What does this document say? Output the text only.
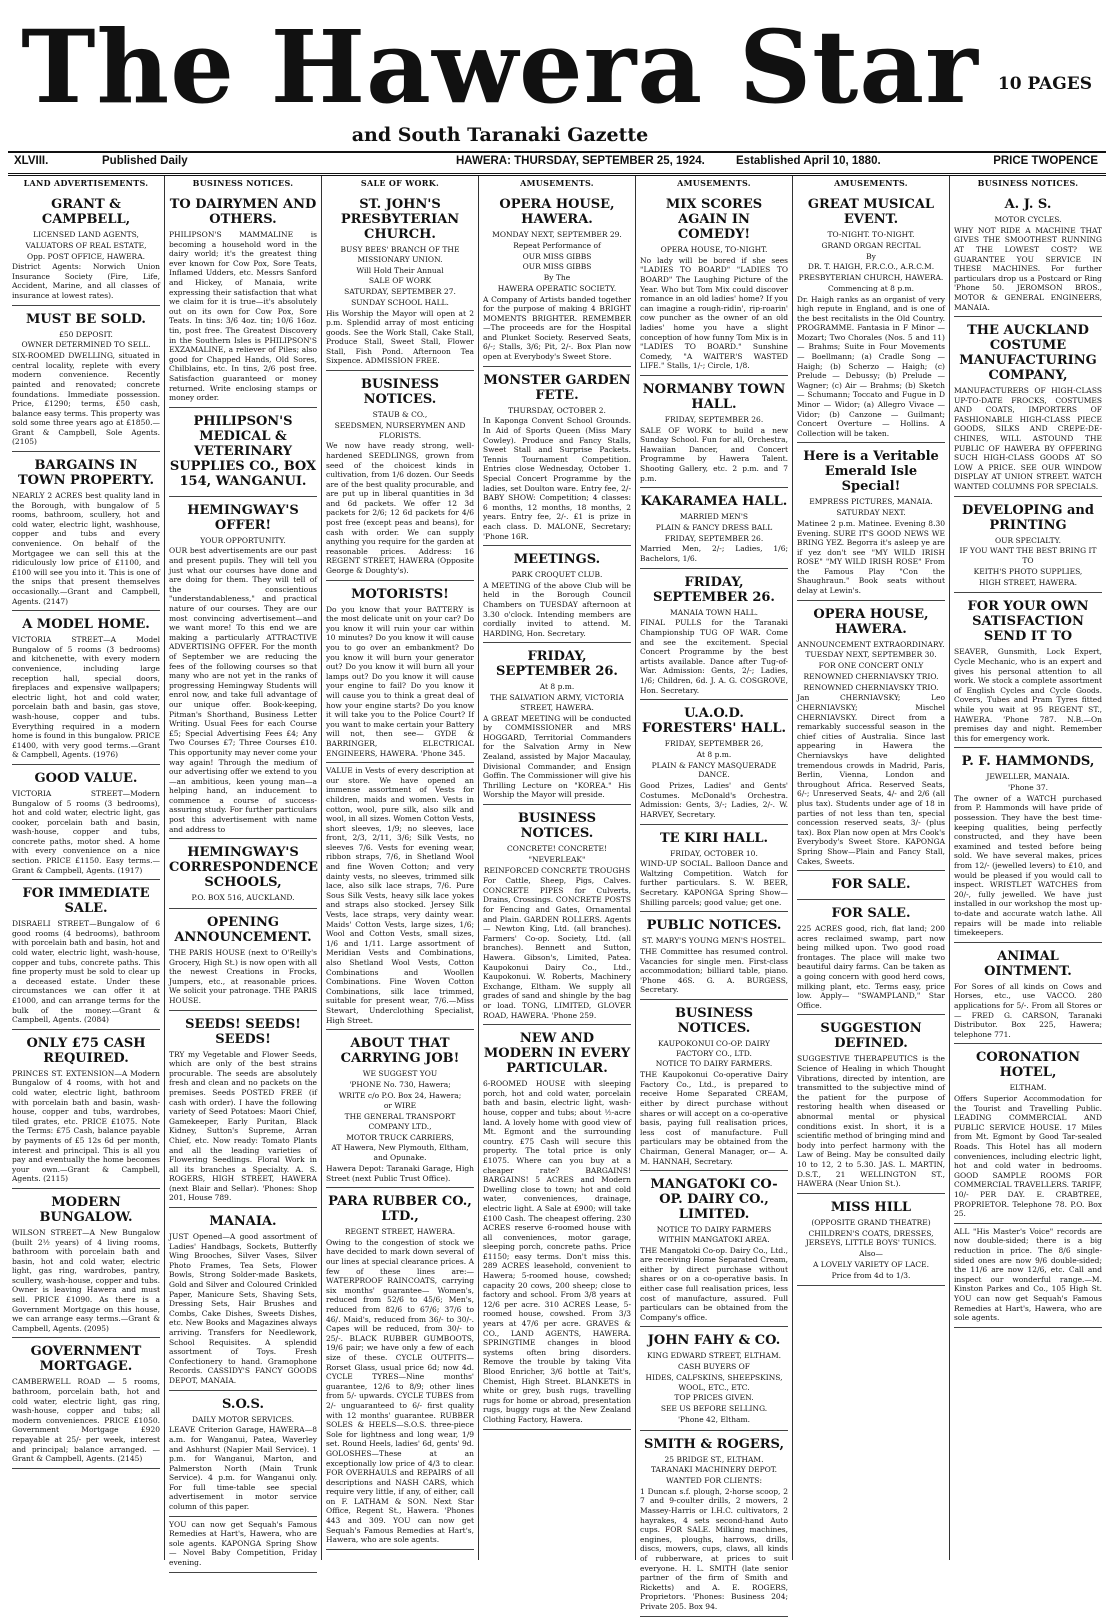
The Hawera Star
and South Taranaki Gazette
10 PAGES
XLVIII.	Published Daily	HAWERA: THURSDAY, SEPTEMBER 25, 1924.	Established April 10, 1880.	PRICE TWOPENCE
LAND ADVERTISEMENTS.
GRANT & CAMPBELL,
LICENSED LAND AGENTS,
VALUATORS OF REAL ESTATE,
Opp. POST OFFICE, HAWERA.

District Agents: Norwich Union Insurance Society (Fire, Life, Accident, Marine, and all classes of insurance at lowest rates).

MUST BE SOLD.
£50 DEPOSIT.
OWNER DETERMINED TO SELL.

SIX-ROOMED DWELLING, situated in central locality, replete with every modern convenience. Recently painted and renovated; concrete foundations. Immediate possession. Price, £1290; terms, £50 cash, balance easy terms. This property was sold some three years ago at £1850.—Grant & Campbell, Sole Agents. (2105)

BARGAINS IN TOWN PROPERTY.

NEARLY 2 ACRES best quality land in the Borough, with bungalow of 5 rooms, bathroom, scullery, hot and cold water, electric light, washhouse, copper and tubs and every convenience. On behalf of the Mortgagee we can sell this at the ridiculously low price of £1100, and £100 will see you into it. This is one of the snips that present themselves occasionally.—Grant and Campbell, Agents. (2147)

A MODEL HOME.

VICTORIA STREET—A Model Bungalow of 5 rooms (3 bedrooms) and kitchenette, with every modern convenience, including large reception hall, special doors, fireplaces and expensive wallpapers; electric light, hot and cold water, porcelain bath and basin, gas stove, wash-house, copper and tubs. Everything required in a modern home is found in this bungalow. PRICE £1400, with very good terms.—Grant & Campbell, Agents. (1976)

GOOD VALUE.

VICTORIA STREET—Modern Bungalow of 5 rooms (3 bedrooms), hot and cold water, electric light, gas cooker, porcelain bath and basin, wash-house, copper and tubs, concrete paths, motor shed. A home with every convenience on a nice section. PRICE £1150. Easy terms.—Grant & Campbell, Agents. (1917)

FOR IMMEDIATE SALE.

DISRAELI STREET—Bungalow of 6 good rooms (4 bedrooms), bathroom with porcelain bath and basin, hot and cold water, electric light, wash-house, copper and tubs, concrete paths. This fine property must be sold to clear up a deceased estate. Under these circumstances we can offer it at £1000, and can arrange terms for the bulk of the money.—Grant & Campbell, Agents. (2084)

ONLY £75 CASH REQUIRED.

PRINCES ST. EXTENSION—A Modern Bungalow of 4 rooms, with hot and cold water, electric light, bathroom with porcelain bath and basin, wash-house, copper and tubs, wardrobes, tiled grates, etc. PRICE £1075. Note the Terms: £75 Cash, balance payable by payments of £5 12s 6d per month, interest and principal. This is all you pay and eventually the home becomes your own.—Grant & Campbell, Agents. (2115)

MODERN BUNGALOW.

WILSON STREET—A New Bungalow (built 2½ years) of 4 living rooms, bathroom with porcelain bath and basin, hot and cold water, electric light, gas ring, wardrobes, pantry, scullery, wash-house, copper and tubs. Owner is leaving Hawera and must sell. PRICE £1090. As there is a Government Mortgage on this house, we can arrange easy terms.—Grant & Campbell, Agents. (2095)

GOVERNMENT MORTGAGE.

CAMBERWELL ROAD — 5 rooms, bathroom, porcelain bath, hot and cold water, electric light, gas ring, wash-house, copper and tubs; all modern conveniences. PRICE £1050. Government Mortgage £920 repayable at 25/- per week, interest and principal; balance arranged. — Grant & Campbell, Agents. (2145)

BUSINESS NOTICES.
TO DAIRYMEN AND OTHERS.

PHILIPSON'S MAMMALINE is becoming a household word in the dairy world; it's the greatest thing ever known for Cow Pox, Sore Teats, Inflamed Udders, etc. Messrs Sanford and Hickey, of Manaia, write expressing their satisfaction that what we claim for it is true—it's absolutely out on its own for Cow Pox, Sore Teats. In tins: 3/6 4oz. tin; 10/6 16oz. tin, post free. The Greatest Discovery in the Southern Isles is PHILIPSON'S EXZAMALINE, a reliever of Piles; also good for Chapped Hands, Old Sores, Chilblains, etc. In tins, 2/6 post free. Satisfaction guaranteed or money returned. Write enclosing stamps or money order.

PHILIPSON'S MEDICAL & VETERINARY SUPPLIES CO., BOX 154, WANGANUI.
HEMINGWAY'S OFFER!
YOUR OPPORTUNITY.

OUR best advertisements are our past and present pupils. They will tell you just what our courses have done and are doing for them. They will tell of the conscientious "understandableness," and practical nature of our courses. They are our most convincing advertisement—and we want more! To this end we are making a particularly ATTRACTIVE ADVERTISING OFFER. For the month of September we are reducing the fees of the following courses so that many who are not yet in the ranks of progressing Hemingway Students will enrol now, and take full advantage of our unique offer. Book-keeping, Pitman's Shorthand, Business Letter Writing. Usual Fees for each Course £5; Special Advertising Fees £4; Any Two Courses £7; Three Courses £10. This opportunity may never come your way again! Through the medium of our advertising offer we extend to you—an ambitious, keen young man—a helping hand, an inducement to commence a course of success-assuring study. For further particulars post this advertisement with name and address to

HEMINGWAY'S CORRESPONDENCE SCHOOLS,
P.O. BOX 516, AUCKLAND.
OPENING ANNOUNCEMENT.

THE PARIS HOUSE (next to O'Reilly's Grocery, High St.) is now open with all the newest Creations in Frocks, Jumpers, etc., at reasonable prices. We solicit your patronage. THE PARIS HOUSE.

SEEDS! SEEDS! SEEDS!

TRY my Vegetable and Flower Seeds, which are only of the best strains procurable. The seeds are absolutely fresh and clean and no packets on the premises. Seeds POSTED FREE (if cash with order). I have the following variety of Seed Potatoes: Maori Chief, Gamekeeper, Early Puritan, Black Kidney, Sutton's Supreme, Arran Chief, etc. Now ready: Tomato Plants and all the leading varieties of Flowering Seedlings. Floral Work in all its branches a Specialty. A. S. ROGERS, HIGH STREET, HAWERA (next Blair and Sellar). 'Phones: Shop 201, House 789.

MANAIA.

JUST Opened—A good assortment of Ladies' Handbags, Sockets, Butterfly Wing Brooches, Silver Vases, Silver Photo Frames, Tea Sets, Flower Bowls, Strong Solder-made Baskets, Gold and Silver and Coloured Crinkled Paper, Manicure Sets, Shaving Sets, Dressing Sets, Hair Brushes and Combs, Cake Dishes, Sweets Dishes, etc. New Books and Magazines always arriving. Transfers for Needlework, School Requisites. A splendid assortment of Toys. Fresh Confectionery to hand. Gramophone Records. CASSIDY'S FANCY GOODS DEPOT, MANAIA.

S.O.S.
DAILY MOTOR SERVICES.

LEAVE Criterion Garage, HAWERA—8 a.m. for Wanganui, Patea, Waverley and Ashhurst (Napier Mail Service). 1 p.m. for Wanganui, Marton, and Palmerston North (Main Trunk Service). 4 p.m. for Wanganui only. For full time-table see special advertisement in motor service column of this paper.

YOU can now get Sequah's Famous Remedies at Hart's, Hawera, who are sole agents. KAPONGA Spring Show — Novel Baby Competition, Friday evening.

SALE OF WORK.
ST. JOHN'S PRESBYTERIAN CHURCH.
BUSY BEES' BRANCH OF THE MISSIONARY UNION.
Will Hold Their Annual
SALE OF WORK
SATURDAY, SEPTEMBER 27.
SUNDAY SCHOOL HALL.

His Worship the Mayor will open at 2 p.m. Splendid array of most enticing goods. See the Work Stall, Cake Stall, Produce Stall, Sweet Stall, Flower Stall, Fish Pond. Afternoon Tea Sixpence. ADMISSION FREE.

BUSINESS NOTICES.
STAUB & CO.,
SEEDSMEN, NURSERYMEN AND FLORISTS.

We now have ready strong, well-hardened SEEDLINGS, grown from seed of the choicest kinds in cultivation, from 1/6 dozen. Our Seeds are of the best quality procurable, and are put up in liberal quantities in 3d and 6d packets. We offer 12 3d packets for 2/6; 12 6d packets for 4/6 post free (except peas and beans), for cash with order. We can supply anything you require for the garden at reasonable prices. Address: 16 REGENT STREET, HAWERA (Opposite George & Doughty's).

MOTORISTS!

Do you know that your BATTERY is the most delicate unit on your car? Do you know it will ruin your car within 10 minutes? Do you know it will cause you to go over an embankment? Do you know it will burn your generator out? Do you know it will burn all your lamps out? Do you know it will cause your engine to fail? Do you know it will cause you to think a great deal of how your engine starts? Do you know it will take you to the Police Court? If you want to make certain your Battery will not, then see— GYDE & BARRINGER, ELECTRICAL ENGINEERS, HAWERA. 'Phone 345.

VALUE in Vests of every description at our store. We have opened an immense assortment of Vests for children, maids and women. Vests in cotton, wool, pure silk, also silk and wool, in all sizes. Women Cotton Vests, short sleeves, 1/9; no sleeves, lace front, 2/3, 2/11, 3/6; Silk Vests, no sleeves 7/6. Vests for evening wear, ribbon straps, 7/6, in Shetland Wool and fine Woven Cotton; and very dainty vests, no sleeves, trimmed silk lace, also silk lace straps, 7/6. Pure Sous Silk Vests, heavy silk lace yokes and straps also stocked. Jersey Silk Vests, lace straps, very dainty wear. Maids' Cotton Vests, large sizes, 1/6; Wool and Cotton Vests, small sizes, 1/6 and 1/11. Large assortment of Meridian Vests and Combinations, also Shetland Wool Vests, Cotton Combinations and Woollen Combinations. Fine Woven Cotton Combinations, silk lace trimmed, suitable for present wear, 7/6.—Miss Stewart, Underclothing Specialist, High Street.

ABOUT THAT CARRYING JOB!
WE SUGGEST YOU
'PHONE No. 730, Hawera;
WRITE c/o P.O. Box 24, Hawera;
or WIRE
THE GENERAL TRANSPORT COMPANY LTD.,
MOTOR TRUCK CARRIERS,
AT Hawera, New Plymouth, Eltham, and Opunake.

Hawera Depot: Taranaki Garage, High Street (next Public Trust Office).

PARA RUBBER CO., LTD.,
REGENT STREET, HAWERA.

Owing to the congestion of stock we have decided to mark down several of our lines at special clearance prices. A few of these lines are:— WATERPROOF RAINCOATS, carrying six months' guarantee— Women's, reduced from 52/6 to 45/6; Men's, reduced from 82/6 to 67/6; 37/6 to 46/. Maid's, reduced from 36/- to 30/-. Capes will be reduced, from 30/- to 25/-. BLACK RUBBER GUMBOOTS, 19/6 pair; we have only a few of each size of these. CYCLE OUTFITS—Rorset Glass, usual price 6d; now 4d. CYCLE TYRES—Nine months' guarantee, 12/6 to 8/9; other lines from 5/- upwards. CYCLE TUBES from 2/- unguaranteed to 6/- first quality with 12 months' guarantee. RUBBER SOLES & HEELS—S.O.S. three-piece Sole for lightness and long wear, 1/9 set. Round Heels, ladies' 6d, gents' 9d. GOLOSHES—These at an exceptionally low price of 4/3 to clear. FOR OVERHAULS and REPAIRS of all descriptions and NASH CARS, which require very little, if any, of either, call on F. LATHAM & SON. Next Star Office, Regent St., Hawera. 'Phones 443 and 309. YOU can now get Sequah's Famous Remedies at Hart's, Hawera, who are sole agents.

AMUSEMENTS.
OPERA HOUSE, HAWERA.
MONDAY NEXT, SEPTEMBER 29.
Repeat Performance of
OUR MISS GIBBS
OUR MISS GIBBS
By The
HAWERA OPERATIC SOCIETY.

A Company of Artists banded together for the purpose of making 4 BRIGHT MOMENTS BRIGHTER. REMEMBER—The proceeds are for the Hospital and Plunket Society. Reserved Seats, 6/-; Stalls, 3/6; Pit, 2/-. Box Plan now open at Everybody's Sweet Store.

MONSTER GARDEN FETE.
THURSDAY, OCTOBER 2.

In Kaponga Convent School Grounds. In Aid of Sports Queen (Miss Mary Cowley). Produce and Fancy Stalls, Sweet Stall and Surprise Packets. Tennis Tournament Competition. Entries close Wednesday, October 1. Special Concert Programme by the ladies, set Doulton ware. Entry fee, 2/- BABY SHOW: Competition; 4 classes: 6 months, 12 months, 18 months, 2 years. Entry fee, 2/-. £1 is prize in each class. D. MALONE, Secretary; 'Phone 16R.

MEETINGS.
PARK CROQUET CLUB.

A MEETING of the above Club will be held in the Borough Council Chambers on TUESDAY afternoon at 3.30 o'clock. Intending members are cordially invited to attend. M. HARDING, Hon. Secretary.

FRIDAY, SEPTEMBER 26.
At 8 p.m.
THE SALVATION ARMY, VICTORIA STREET, HAWERA.

A GREAT MEETING will be conducted by COMMISSIONER and MRS HOGGARD, Territorial Commanders for the Salvation Army in New Zealand, assisted by Major Macaulay, Divisional Commander, and Ensign Goffin. The Commissioner will give his Thrilling Lecture on "KOREA." His Worship the Mayor will preside.

BUSINESS NOTICES.
CONCRETE! CONCRETE!
"NEVERLEAK"
REINFORCED CONCRETE TROUGHS

For Cattle, Sheep, Pigs, Calves. CONCRETE PIPES for Culverts, Drains, Crossings. CONCRETE POSTS for Fencing and Gates, Ornamental and Plain. GARDEN ROLLERS. Agents— Newton King, Ltd. (all branches). Farmers' Co-op. Society, Ltd. (all branches). Bennett and Sutton, Hawera. Gibson's, Limited, Patea. Kaupokonui Dairy Co., Ltd., Kaupokonui. W. Roberts, Machinery Exchange, Eltham. We supply all grades of sand and shingle by the bag or load. TONG, LIMITED, GLOVER ROAD, HAWERA. 'Phone 259.

NEW AND MODERN IN EVERY PARTICULAR.

6-ROOMED HOUSE with sleeping porch, hot and cold water, porcelain bath and basin, electric light, wash-house, copper and tubs; about ½-acre land. A lovely home with good view of Mt. Egmont and the surrounding country. £75 Cash will secure this property. The total price is only £1075. Where can you buy at a cheaper rate? BARGAINS! BARGAINS! 5 ACRES and Modern Dwelling close to town; hot and cold water, conveniences, drainage, electric light. A Sale at £900; will take £100 Cash. The cheapest offering. 230 ACRES reserve 6-roomed house with all conveniences, motor garage, sleeping porch, concrete paths. Price £1150; easy terms. Don't miss this. 289 ACRES leasehold, convenient to Hawera; 5-roomed house, cowshed; capacity 20 cows, 200 sheep; close to factory and school. From 3/8 years at 12/6 per acre. 310 ACRES Lease, 5-roomed house, cowshed. From 3/3 years at 47/6 per acre. GRAVES & CO., LAND AGENTS, HAWERA. SPRINGTIME changes in blood systems often bring disorders. Remove the trouble by taking Vita Blood Enricher, 3/6 bottle at Tait's, Chemist, High Street. BLANKETS in white or grey, bush rugs, travelling rugs for home or abroad, presentation rugs, buggy rugs at the New Zealand Clothing Factory, Hawera.

AMUSEMENTS.
MIX SCORES AGAIN IN COMEDY!
OPERA HOUSE, TO-NIGHT.

No lady will be bored if she sees "LADIES TO BOARD" "LADIES TO BOARD" The Laughing Picture of the Year. Who but Tom Mix could discover romance in an old ladies' home? If you can imagine a rough-ridin', rip-roarin' cow puncher as the owner of an old ladies' home you have a slight conception of how funny Tom Mix is in "LADIES TO BOARD." Sunshine Comedy, "A WAITER'S WASTED LIFE." Stalls, 1/-; Circle, 1/8.

NORMANBY TOWN HALL.
FRIDAY, SEPTEMBER 26.

SALE OF WORK to build a new Sunday School. Fun for all, Orchestra, Hawaiian Dancer, and Concert Programme by Hawera Talent. Shooting Gallery, etc. 2 p.m. and 7 p.m.

KAKARAMEA HALL.
MARRIED MEN'S
PLAIN & FANCY DRESS BALL
FRIDAY, SEPTEMBER 26.

Married Men, 2/-; Ladies, 1/6; Bachelors, 1/6.

FRIDAY, SEPTEMBER 26.
MANAIA TOWN HALL.

FINAL PULLS for the Taranaki Championship TUG OF WAR. Come and see the excitement. Special Concert Programme by the best artists available. Dance after Tug-of-War. Admission: Gents, 2/-; Ladies, 1/6; Children, 6d. J. A. G. COSGROVE, Hon. Secretary.

U.A.O.D. FORESTERS' HALL.
FRIDAY, SEPTEMBER 26,
At 8 p.m.
PLAIN & FANCY MASQUERADE DANCE.

Good Prizes, Ladies' and Gents' Costumes. McDonald's Orchestra. Admission: Gents, 3/-; Ladies, 2/-. W. HARVEY, Secretary.

TE KIRI HALL.
FRIDAY, OCTOBER 10.

WIND-UP SOCIAL. Balloon Dance and Waltzing Competition. Watch for further particulars. S. W. BEER, Secretary. KAPONGA Spring Show—Shilling parcels; good value; get one.

PUBLIC NOTICES.
ST. MARY'S YOUNG MEN'S HOSTEL.

THE Committee has resumed control. Vacancies for single men. First-class accommodation; billiard table, piano. 'Phone 46S. G. A. BURGESS, Secretary.

BUSINESS NOTICES.
KAUPOKONUI CO-OP. DAIRY FACTORY CO., LTD.
NOTICE TO DAIRY FARMERS.

THE Kaupokonui Co-operative Dairy Factory Co., Ltd., is prepared to receive Home Separated CREAM, either by direct purchase without shares or will accept on a co-operative basis, paying full realisation prices, less cost of manufacture. Full particulars may be obtained from the Chairman, General Manager, or— A. M. HANNAH, Secretary.

MANGATOKI CO-OP. DAIRY CO., LIMITED.
NOTICE TO DAIRY FARMERS WITHIN MANGATOKI AREA.

THE Mangatoki Co-op. Dairy Co., Ltd., are receiving Home Separated Cream, either by direct purchase without shares or on a co-operative basis. In either case full realisation prices, less cost of manufacture, assured. Full particulars can be obtained from the Company's office.

JOHN FAHY & CO.
KING EDWARD STREET, ELTHAM.
CASH BUYERS OF
HIDES, CALFSKINS, SHEEPSKINS, WOOL, ETC., ETC.
TOP PRICES GIVEN.
SEE US BEFORE SELLING.
'Phone 42, Eltham.
SMITH & ROGERS,
25 BRIDGE ST., ELTHAM.
TARANAKI MACHINERY DEPOT.
WANTED FOR CLIENTS:

1 Duncan s.f. plough, 2-horse scoop, 2 7 and 9-coulter drills, 2 mowers, 2 Massey-Harris or I.H.C. cultivators, 2 hayrakes, 4 sets second-hand Auto cups. FOR SALE. Milking machines, engines, ploughs, harrows, drills, discs, mowers, cups, claws, all kinds of rubberware, at prices to suit everyone. H. L. SMITH (late senior partner of the firm of Smith and Ricketts) and A. E. ROGERS, Proprietors. 'Phones: Business 204; Private 205. Box 94.

AMUSEMENTS.
GREAT MUSICAL EVENT.
TO-NIGHT. TO-NIGHT.
GRAND ORGAN RECITAL
By
DR. T. HAIGH, F.R.C.O., A.R.C.M.
PRESBYTERIAN CHURCH, HAWERA.
Commencing at 8 p.m.

Dr. Haigh ranks as an organist of very high repute in England, and is one of the best recitalists in the Old Country. PROGRAMME. Fantasia in F Minor — Mozart; Two Chorales (Nos. 5 and 11) — Brahms; Suite in Four Movements — Boellmann; (a) Cradle Song — Haigh; (b) Scherzo — Haigh; (c) Prelude — Debussy; (b) Prelude — Wagner; (c) Air — Brahms; (b) Sketch — Schumann; Toccato and Fugue in D Minor — Widor; (a) Allegro Vivace — Vidor; (b) Canzone — Guilmant; Concert Overture — Hollins. A Collection will be taken.

Here is a Veritable Emerald Isle Special!
EMPRESS PICTURES, MANAIA.
SATURDAY NEXT.

Matinee 2 p.m. Matinee. Evening 8.30 Evening. SURE IT'S GOOD NEWS WE BRING YEZ. Begorra it's asleep ye are if yez don't see "MY WILD IRISH ROSE" "MY WILD IRISH ROSE" From the Famous Play "Con the Shaughraun." Book seats without delay at Lewin's.

OPERA HOUSE, HAWERA.
ANNOUNCEMENT EXTRAORDINARY.
TUESDAY NEXT, SEPTEMBER 30.
FOR ONE CONCERT ONLY
RENOWNED CHERNIAVSKY TRIO.
RENOWNED CHERNIAVSKY TRIO.

Jan CHERNIAVSKY; Leo CHERNIAVSKY; Mischel CHERNIAVSKY. Direct from a remarkably successful season in the chief cities of Australia. Since last appearing in Hawera the Cherniavskys have delighted tremendous crowds in Madrid, Paris, Berlin, Vienna, London and throughout Africa. Reserved Seats, 6/-; Unreserved Seats, 4/- and 2/6 (all plus tax). Students under age of 18 in parties of not less than ten, special concession reserved seats, 3/- (plus tax). Box Plan now open at Mrs Cook's Everybody's Sweet Store. KAPONGA Spring Show—Plain and Fancy Stall, Cakes, Sweets.

FOR SALE.
FOR SALE.

225 ACRES good, rich, flat land; 200 acres reclaimed swamp, part now being milked upon. Two good road frontages. The place will make two beautiful dairy farms. Can be taken as a going concern with good herd cows, milking plant, etc. Terms easy, price low. Apply— "SWAMPLAND," Star Office.

SUGGESTION DEFINED.

SUGGESTIVE THERAPEUTICS is the Science of Healing in which Thought Vibrations, directed by intention, are transmitted to the subjective mind of the patient for the purpose of restoring health when diseased or abnormal mental or physical conditions exist. In short, it is a scientific method of bringing mind and body into perfect harmony with the Law of Being. May be consulted daily 10 to 12, 2 to 5.30. JAS. L. MARTIN, D.S.T., 21 WELLINGTON ST., HAWERA (Near Union St.).

MISS HILL
(OPPOSITE GRAND THEATRE)
CHILDREN'S COATS, DRESSES, JERSEYS, LITTLE BOYS' TUNICS.
Also—
A LOVELY VARIETY OF LACE.
Price from 4d to 1/3.
BUSINESS NOTICES.
A. J. S.
MOTOR CYCLES.

WHY NOT RIDE A MACHINE THAT GIVES THE SMOOTHEST RUNNING AT THE LOWEST COST? WE GUARANTEE YOU SERVICE IN THESE MACHINES. For further particulars drop us a Postcard or Ring 'Phone 50. JEROMSON BROS., MOTOR & GENERAL ENGINEERS, MANAIA.

THE AUCKLAND COSTUME MANUFACTURING COMPANY,

MANUFACTURERS OF HIGH-CLASS UP-TO-DATE FROCKS, COSTUMES AND COATS, IMPORTERS OF FASHIONABLE HIGH-CLASS PIECE GOODS, SILKS AND CREPE-DE-CHINES, WILL ASTOUND THE PUBLIC OF HAWERA BY OFFERING SUCH HIGH-CLASS GOODS AT SO LOW A PRICE. SEE OUR WINDOW DISPLAY AT UNION STREET. WATCH WANTED COLUMNS FOR SPECIALS.

DEVELOPING and PRINTING
OUR SPECIALTY.
IF YOU WANT THE BEST BRING IT TO
KEITH'S PHOTO SUPPLIES,
HIGH STREET, HAWERA.
FOR YOUR OWN SATISFACTION SEND IT TO

SEAVER, Gunsmith, Lock Expert, Cycle Mechanic, who is an expert and gives his personal attention to all work. We stock a complete assortment of English Cycles and Cycle Goods. Covers, Tubes and Pram Tyres fitted while you wait at 95 REGENT ST., HAWERA. 'Phone 787. N.B.—On premises day and night. Remember this for emergency work.

P. F. HAMMONDS,
JEWELLER, MANAIA.
'Phone 37.

The owner of a WATCH purchased from P. Hammonds will have pride of possession. They have the best time-keeping qualities, being perfectly constructed, and they have been examined and tested before being sold. We have several makes, prices from 12/- (jewelled levers) to £10, and would be pleased if you would call to inspect. WRISTLET WATCHES from 20/-, fully jewelled. We have just installed in our workshop the most up-to-date and accurate watch lathe. All repairs will be made into reliable timekeepers.

ANIMAL OINTMENT.

For Sores of all kinds on Cows and Horses, etc., use VACCO. 280 applications for 5/-. From all Stores or— FRED G. CARSON, Taranaki Distributor. Box 225, Hawera; telephone 771.

CORONATION HOTEL,
ELTHAM.

Offers Superior Accommodation for the Tourist and Travelling Public. LEADING COMMERCIAL AND PUBLIC SERVICE HOUSE. 17 Miles from Mt. Egmont by Good Tar-sealed Roads. This Hotel has all modern conveniences, including electric light, hot and cold water in bedrooms. GOOD SAMPLE ROOMS FOR COMMERCIAL TRAVELLERS. TARIFF, 10/- PER DAY. E. CRABTREE, PROPRIETOR. Telephone 78. P.O. Box 25.

ALL "His Master's Voice" records are now double-sided; there is a big reduction in price. The 8/6 single-sided ones are now 9/6 double-sided; the 11/6 are now 12/6, etc. Call and inspect our wonderful range.—M. Kinston Parkes and Co., 105 High St. YOU can now get Sequah's Famous Remedies at Hart's, Hawera, who are sole agents.
